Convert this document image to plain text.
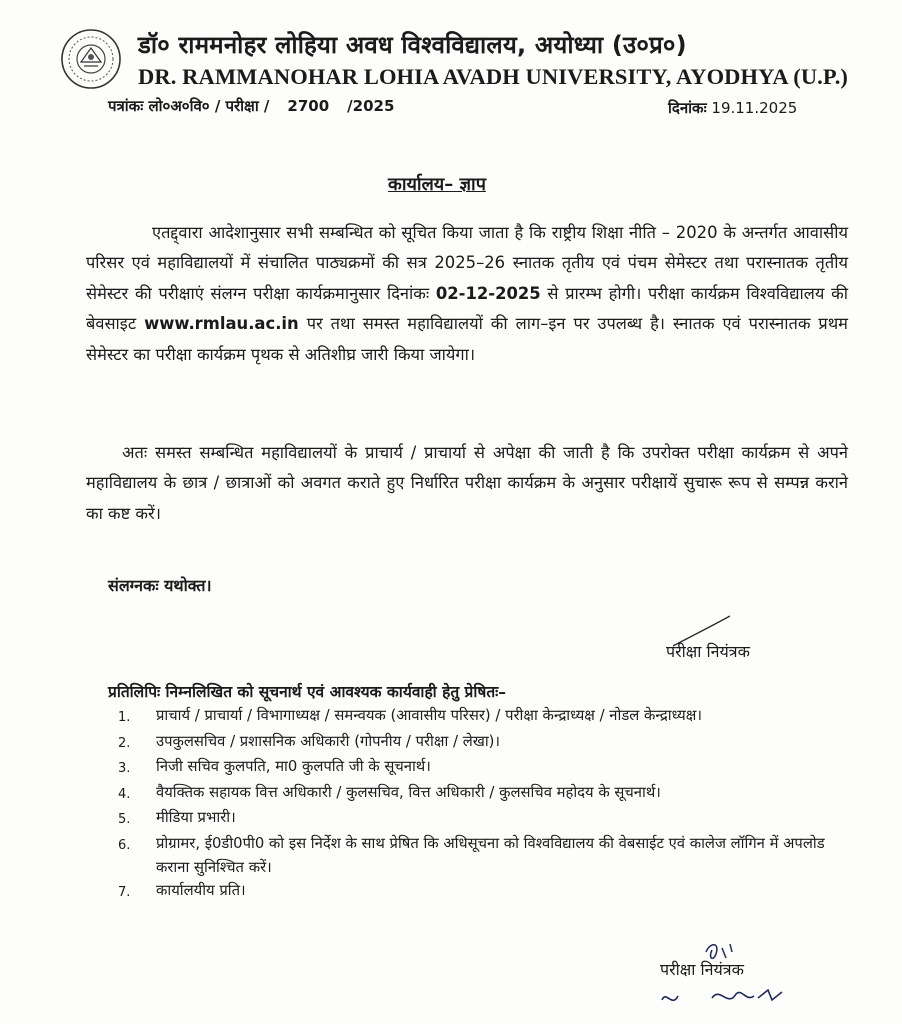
डॉ० राममनोहर लोहिया अवध विश्वविद्यालय, अयोध्या (उ०प्र०)
DR. RAMMANOHAR LOHIA AVADH UNIVERSITY, AYODHYA (U.P.)
पत्रांकः लो०अ०वि० / परीक्षा / 2700 /2025	दिनांकः 19.11.2025
कार्यालय– ज्ञाप

एतद्द्वारा आदेशानुसार सभी सम्बन्धित को सूचित किया जाता है कि राष्ट्रीय शिक्षा नीति – 2020 के अन्तर्गत आवासीय परिसर एवं महाविद्यालयों में संचालित पाठ्यक्रमों की सत्र 2025–26 स्नातक तृतीय एवं पंचम सेमेस्टर तथा परास्नातक तृतीय सेमेस्टर की परीक्षाएं संलग्न परीक्षा कार्यक्रमानुसार दिनांकः 02-12-2025 से प्रारम्भ होगी। परीक्षा कार्यक्रम विश्वविद्यालय की बेवसाइट www.rmlau.ac.in पर तथा समस्त महाविद्यालयों की लाग–इन पर उपलब्ध है। स्नातक एवं परास्नातक प्रथम सेमेस्टर का परीक्षा कार्यक्रम पृथक से अतिशीघ्र जारी किया जायेगा।

अतः समस्त सम्बन्धित महाविद्यालयों के प्राचार्य / प्राचार्या से अपेक्षा की जाती है कि उपरोक्त परीक्षा कार्यक्रम से अपने महाविद्यालय के छात्र / छात्राओं को अवगत कराते हुए निर्धारित परीक्षा कार्यक्रम के अनुसार परीक्षायें सुचारू रूप से सम्पन्न कराने का कष्ट करें।

संलग्नकः यथोक्त।
परीक्षा नियंत्रक
प्रतिलिपिः निम्नलिखित को सूचनार्थ एवं आवश्यक कार्यवाही हेतु प्रेषितः–
1.	प्राचार्य / प्राचार्या / विभागाध्यक्ष / समन्वयक (आवासीय परिसर) / परीक्षा केन्द्राध्यक्ष / नोडल केन्द्राध्यक्ष।
2.	उपकुलसचिव / प्रशासनिक अधिकारी (गोपनीय / परीक्षा / लेखा)।
3.	निजी सचिव कुलपति, मा0 कुलपति जी के सूचनार्थ।
4.	वैयक्तिक सहायक वित्त अधिकारी / कुलसचिव, वित्त अधिकारी / कुलसचिव महोदय के सूचनार्थ।
5.	मीडिया प्रभारी।
6.	प्रोग्रामर, ई0डी0पी0 को इस निर्देश के साथ प्रेषित कि अधिसूचना को विश्वविद्यालय की वेबसाईट एवं कालेज लॉगिन में अपलोड कराना सुनिश्चित करें।
7.	कार्यालयीय प्रति।
परीक्षा नियंत्रक
